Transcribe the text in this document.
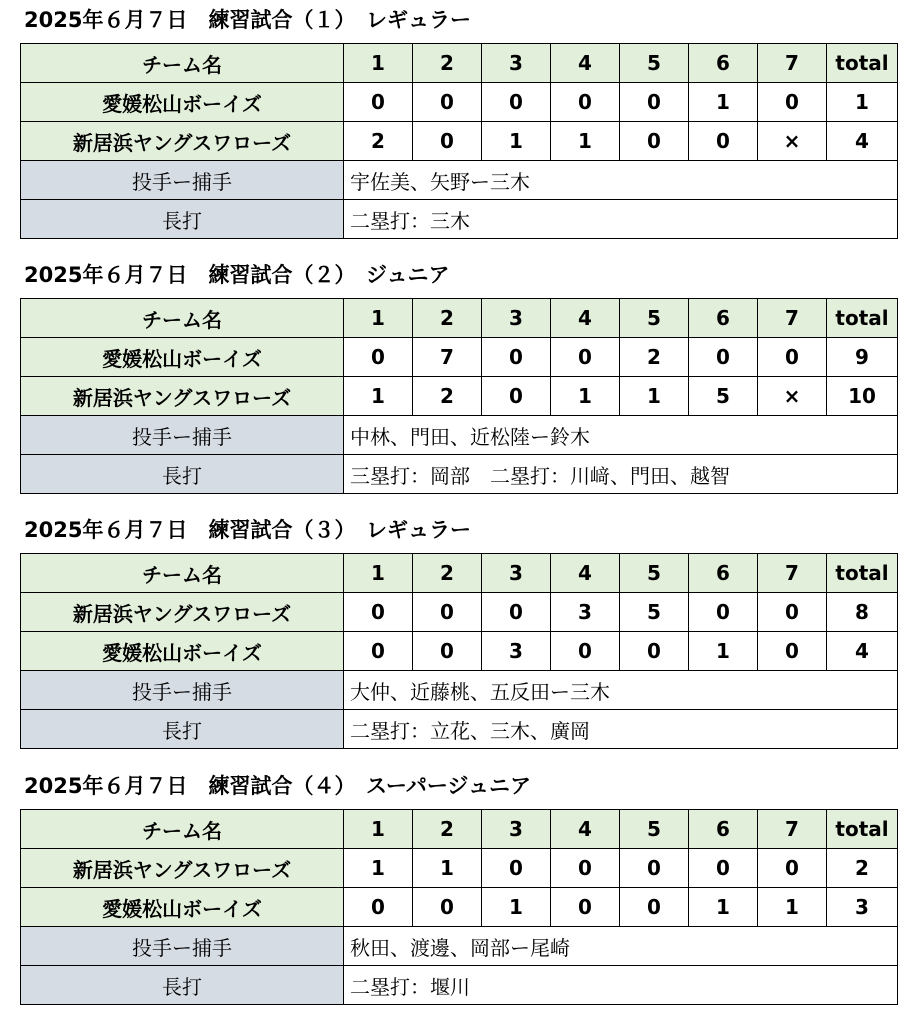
2025年６月７日　練習試合（１）　レギュラー
チーム名	1	2	3	4	5	6	7	total
愛媛松山ボーイズ	0	0	0	0	0	1	0	1
新居浜ヤングスワローズ	2	0	1	1	0	0	×	4
投手ー捕手	宇佐美、矢野ー三木							
長打	二塁打：三木							
2025年６月７日　練習試合（２）　ジュニア
チーム名	1	2	3	4	5	6	7	total
愛媛松山ボーイズ	0	7	0	0	2	0	0	9
新居浜ヤングスワローズ	1	2	0	1	1	5	×	10
投手ー捕手	中林、門田、近松陸ー鈴木							
長打	三塁打：岡部　二塁打：川﨑、門田、越智							
2025年６月７日　練習試合（３）　レギュラー
チーム名	1	2	3	4	5	6	7	total
新居浜ヤングスワローズ	0	0	0	3	5	0	0	8
愛媛松山ボーイズ	0	0	3	0	0	1	0	4
投手ー捕手	大仲、近藤桃、五反田ー三木							
長打	二塁打：立花、三木、廣岡							
2025年６月７日　練習試合（４）　スーパージュニア
チーム名	1	2	3	4	5	6	7	total
新居浜ヤングスワローズ	1	1	0	0	0	0	0	2
愛媛松山ボーイズ	0	0	1	0	0	1	1	3
投手ー捕手	秋田、渡邊、岡部ー尾崎							
長打	二塁打：堰川							
